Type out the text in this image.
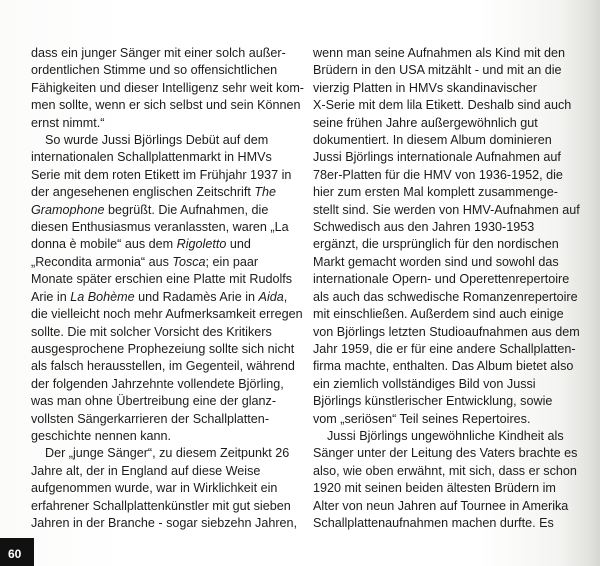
dass ein junger Sänger mit einer solch außer-
ordentlichen Stimme und so offensichtlichen
Fähigkeiten und dieser Intelligenz sehr weit kom-
men sollte, wenn er sich selbst und sein Können
ernst nimmt.“
So wurde Jussi Björlings Debüt auf dem
internationalen Schallplattenmarkt in HMVs
Serie mit dem roten Etikett im Frühjahr 1937 in
der angesehenen englischen Zeitschrift The
Gramophone begrüßt. Die Aufnahmen, die
diesen Enthusiasmus veranlassten, waren „La
donna è mobile“ aus dem Rigoletto und
„Recondita armonia“ aus Tosca; ein paar
Monate später erschien eine Platte mit Rudolfs
Arie in La Bohème und Radamès Arie in Aida,
die vielleicht noch mehr Aufmerksamkeit erregen
sollte. Die mit solcher Vorsicht des Kritikers
ausgesprochene Prophezeiung sollte sich nicht
als falsch herausstellen, im Gegenteil, während
der folgenden Jahrzehnte vollendete Björling,
was man ohne Übertreibung eine der glanz-
vollsten Sängerkarrieren der Schallplatten-
geschichte nennen kann.
Der „junge Sänger“, zu diesem Zeitpunkt 26
Jahre alt, der in England auf diese Weise
aufgenommen wurde, war in Wirklichkeit ein
erfahrener Schallplattenkünstler mit gut sieben
Jahren in der Branche - sogar siebzehn Jahren,
wenn man seine Aufnahmen als Kind mit den
Brüdern in den USA mitzählt - und mit an die
vierzig Platten in HMVs skandinavischer
X-Serie mit dem lila Etikett. Deshalb sind auch
seine frühen Jahre außergewöhnlich gut
dokumentiert. In diesem Album dominieren
Jussi Björlings internationale Aufnahmen auf
78er-Platten für die HMV von 1936-1952, die
hier zum ersten Mal komplett zusammenge-
stellt sind. Sie werden von HMV-Aufnahmen auf
Schwedisch aus den Jahren 1930-1953
ergänzt, die ursprünglich für den nordischen
Markt gemacht worden sind und sowohl das
internationale Opern- und Operettenrepertoire
als auch das schwedische Romanzenrepertoire
mit einschließen. Außerdem sind auch einige
von Björlings letzten Studioaufnahmen aus dem
Jahr 1959, die er für eine andere Schallplatten-
firma machte, enthalten. Das Album bietet also
ein ziemlich vollständiges Bild von Jussi
Björlings künstlerischer Entwicklung, sowie
vom „seriösen“ Teil seines Repertoires.
Jussi Björlings ungewöhnliche Kindheit als
Sänger unter der Leitung des Vaters brachte es
also, wie oben erwähnt, mit sich, dass er schon
1920 mit seinen beiden ältesten Brüdern im
Alter von neun Jahren auf Tournee in Amerika
Schallplattenaufnahmen machen durfte. Es
60
